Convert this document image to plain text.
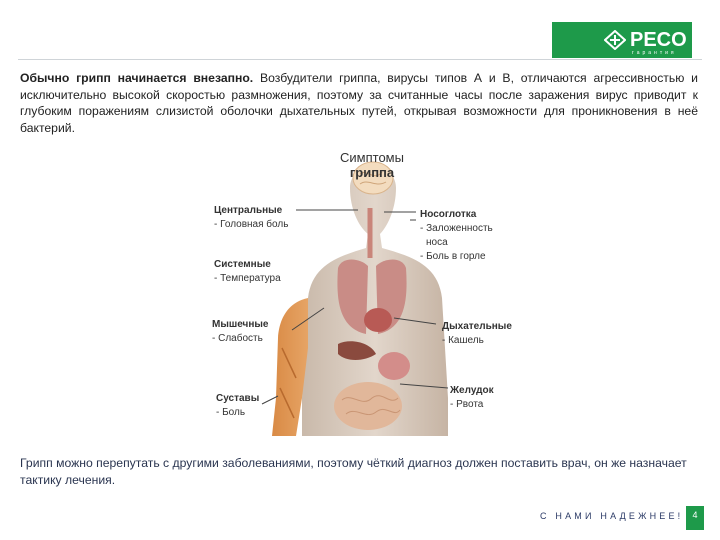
PECO
гарантия
Обычно грипп начинается внезапно. Возбудители гриппа, вирусы типов А и В, отличаются агрессивностью и исключительно высокой скоростью размножения, поэтому за считанные часы после заражения вирус приводит к глубоким поражениям слизистой оболочки дыхательных путей, открывая возможности для проникновения в неё бактерий.
Симптомы
гриппа
Центральные
- Головная боль
Системные
- Температура
Мышечные
- Слабость
Суставы
- Боль
Носоглотка
- Заложенность
носа
- Боль в горле
Дыхательные
- Кашель
Желудок
- Рвота
Грипп можно перепутать с другими заболеваниями, поэтому чёткий диагноз должен поставить врач, он же назначает тактику лечения.
С НАМИ НАДЕЖНЕЕ!	4
